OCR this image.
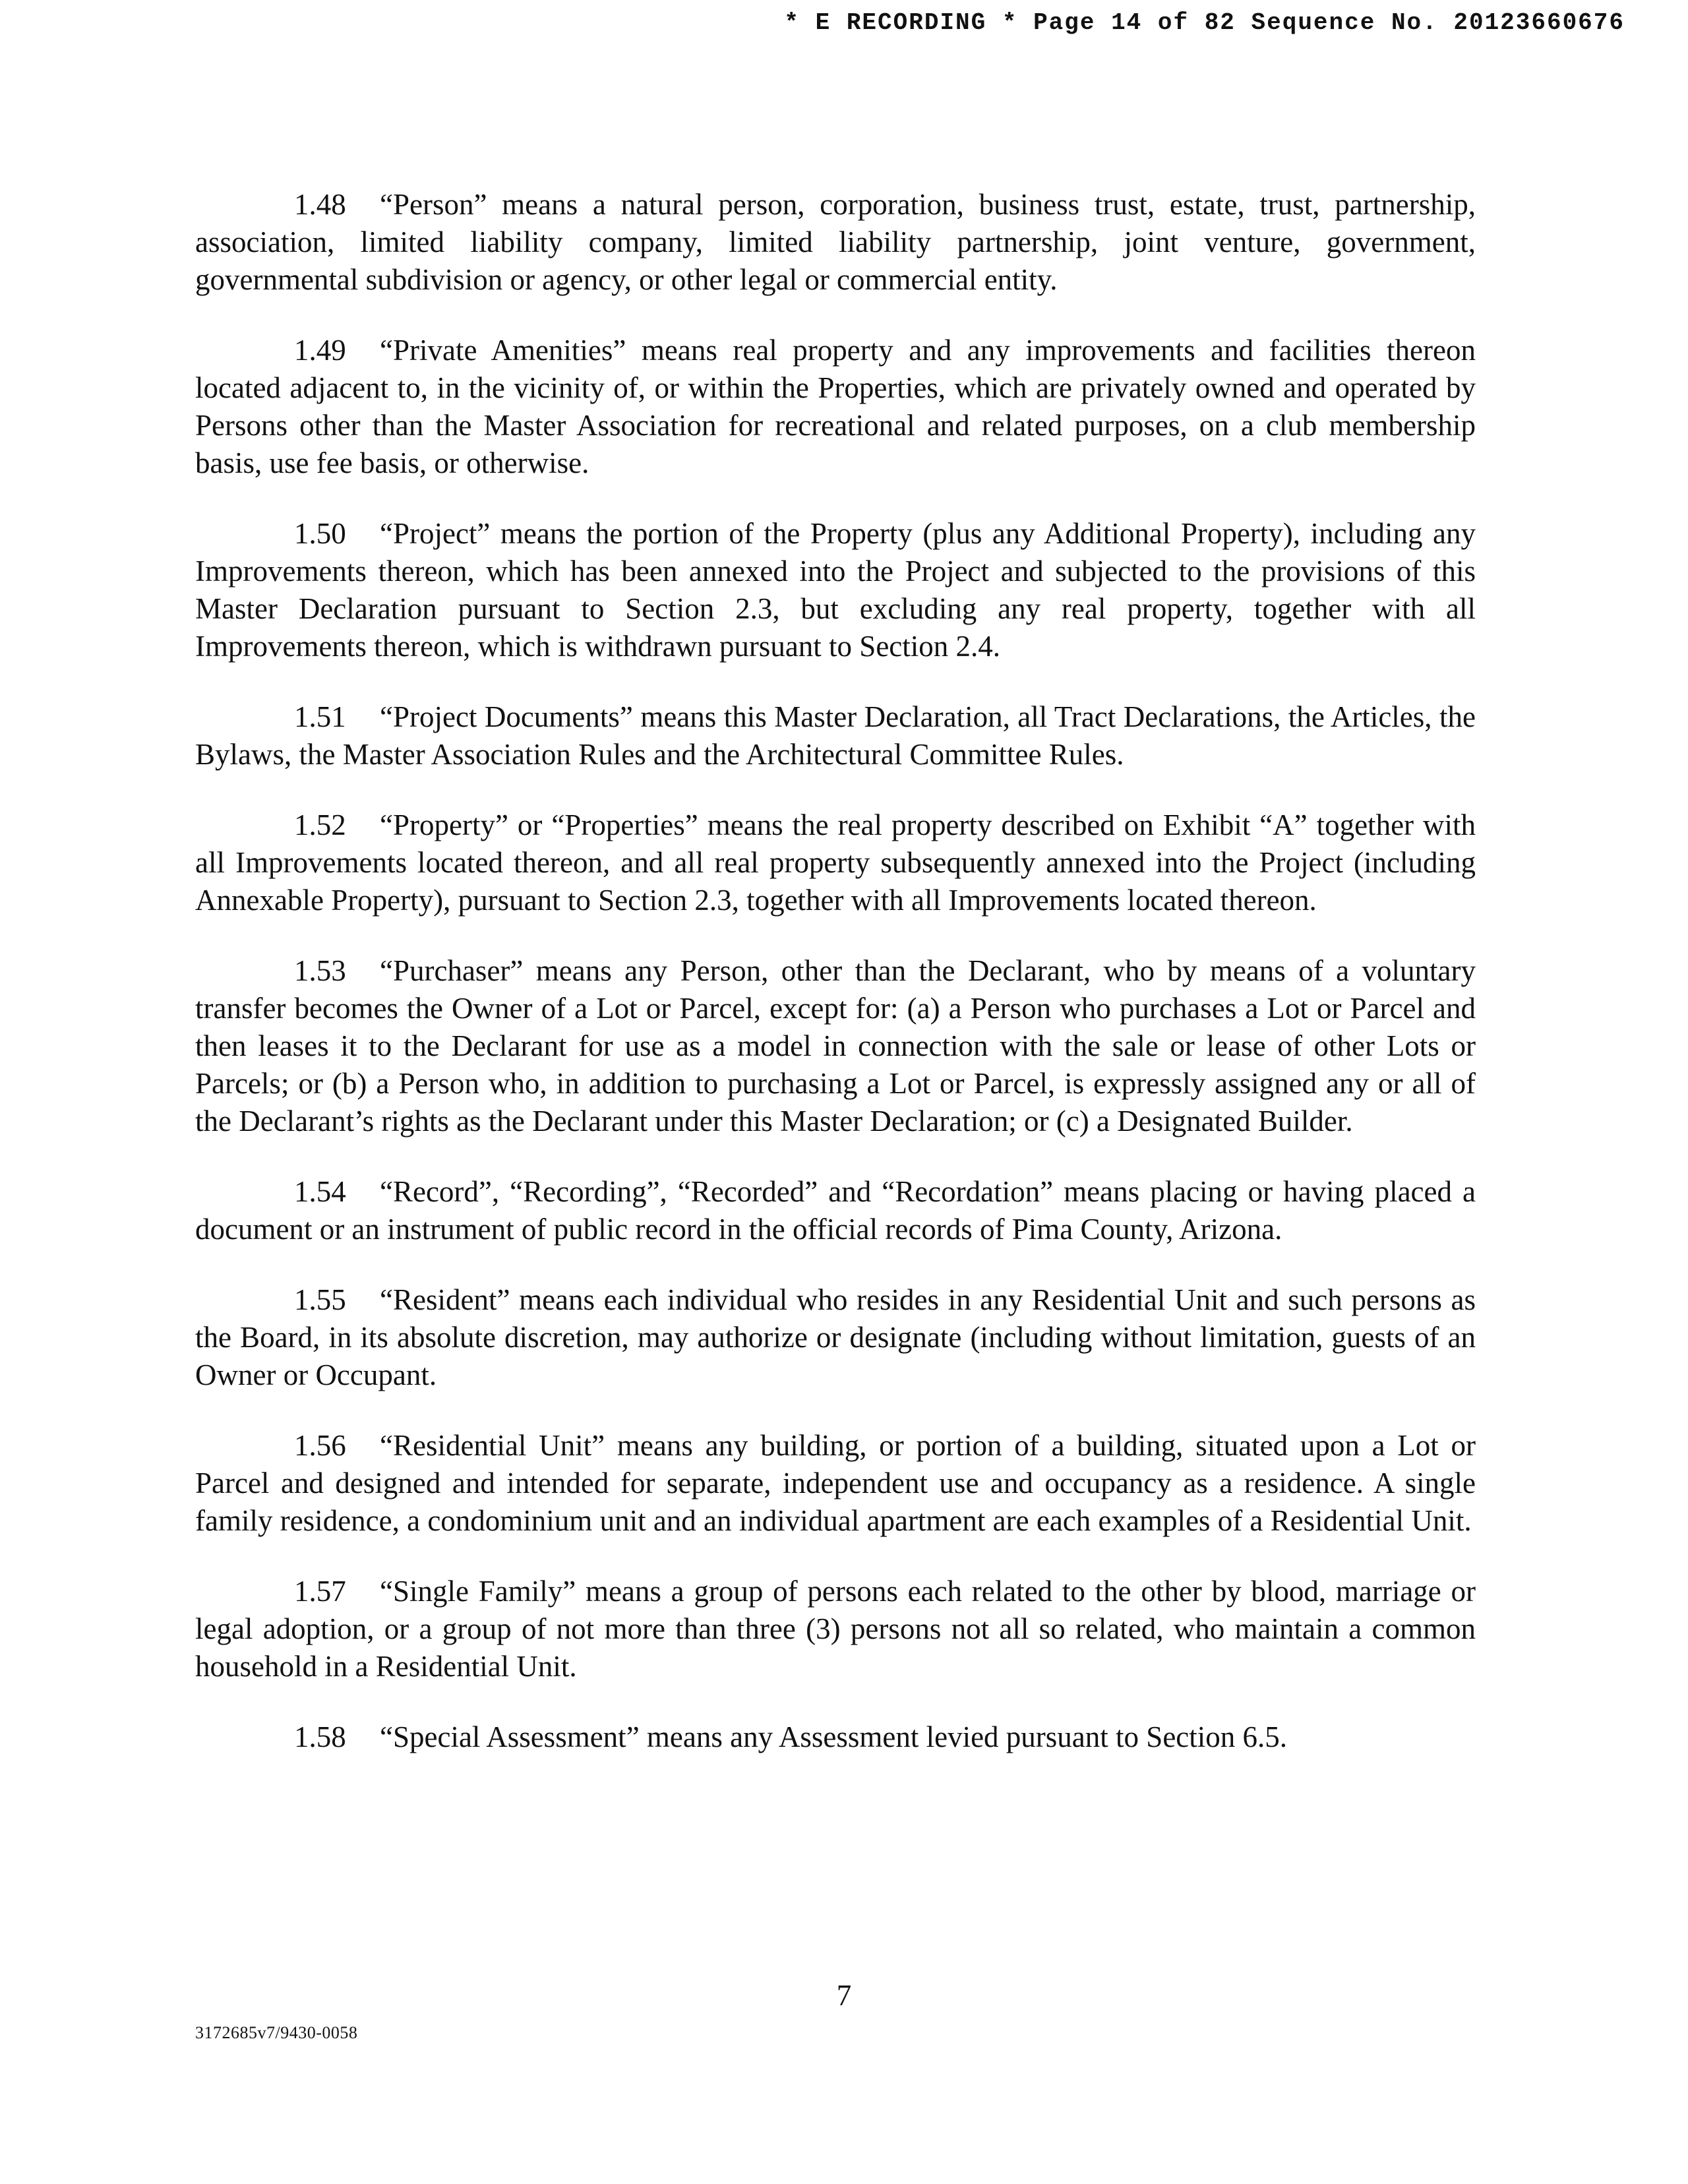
* E RECORDING * Page 14 of 82 Sequence No. 20123660676

1.48 “Person” means a natural person, corporation, business trust, estate, trust, partnership, association, limited liability company, limited liability partnership, joint venture, government, governmental subdivision or agency, or other legal or commercial entity.

1.49 “Private Amenities” means real property and any improvements and facilities thereon located adjacent to, in the vicinity of, or within the Properties, which are privately owned and operated by Persons other than the Master Association for recreational and related purposes, on a club membership basis, use fee basis, or otherwise.

1.50 “Project” means the portion of the Property (plus any Additional Property), including any Improvements thereon, which has been annexed into the Project and subjected to the provisions of this Master Declaration pursuant to Section 2.3, but excluding any real property, together with all Improvements thereon, which is withdrawn pursuant to Section 2.4.

1.51 “Project Documents” means this Master Declaration, all Tract Declarations, the Articles, the Bylaws, the Master Association Rules and the Architectural Committee Rules.

1.52 “Property” or “Properties” means the real property described on Exhibit “A” together with all Improvements located thereon, and all real property subsequently annexed into the Project (including Annexable Property), pursuant to Section 2.3, together with all Improvements located thereon.

1.53 “Purchaser” means any Person, other than the Declarant, who by means of a voluntary transfer becomes the Owner of a Lot or Parcel, except for: (a) a Person who purchases a Lot or Parcel and then leases it to the Declarant for use as a model in connection with the sale or lease of other Lots or Parcels; or (b) a Person who, in addition to purchasing a Lot or Parcel, is expressly assigned any or all of the Declarant’s rights as the Declarant under this Master Declaration; or (c) a Designated Builder.

1.54 “Record”, “Recording”, “Recorded” and “Recordation” means placing or having placed a document or an instrument of public record in the official records of Pima County, Arizona.

1.55 “Resident” means each individual who resides in any Residential Unit and such persons as the Board, in its absolute discretion, may authorize or designate (including without limitation, guests of an Owner or Occupant.

1.56 “Residential Unit” means any building, or portion of a building, situated upon a Lot or Parcel and designed and intended for separate, independent use and occupancy as a residence. A single family residence, a condominium unit and an individual apartment are each examples of a Residential Unit.

1.57 “Single Family” means a group of persons each related to the other by blood, marriage or legal adoption, or a group of not more than three (3) persons not all so related, who maintain a common household in a Residential Unit.

1.58 “Special Assessment” means any Assessment levied pursuant to Section 6.5.

7
3172685v7/9430-0058
